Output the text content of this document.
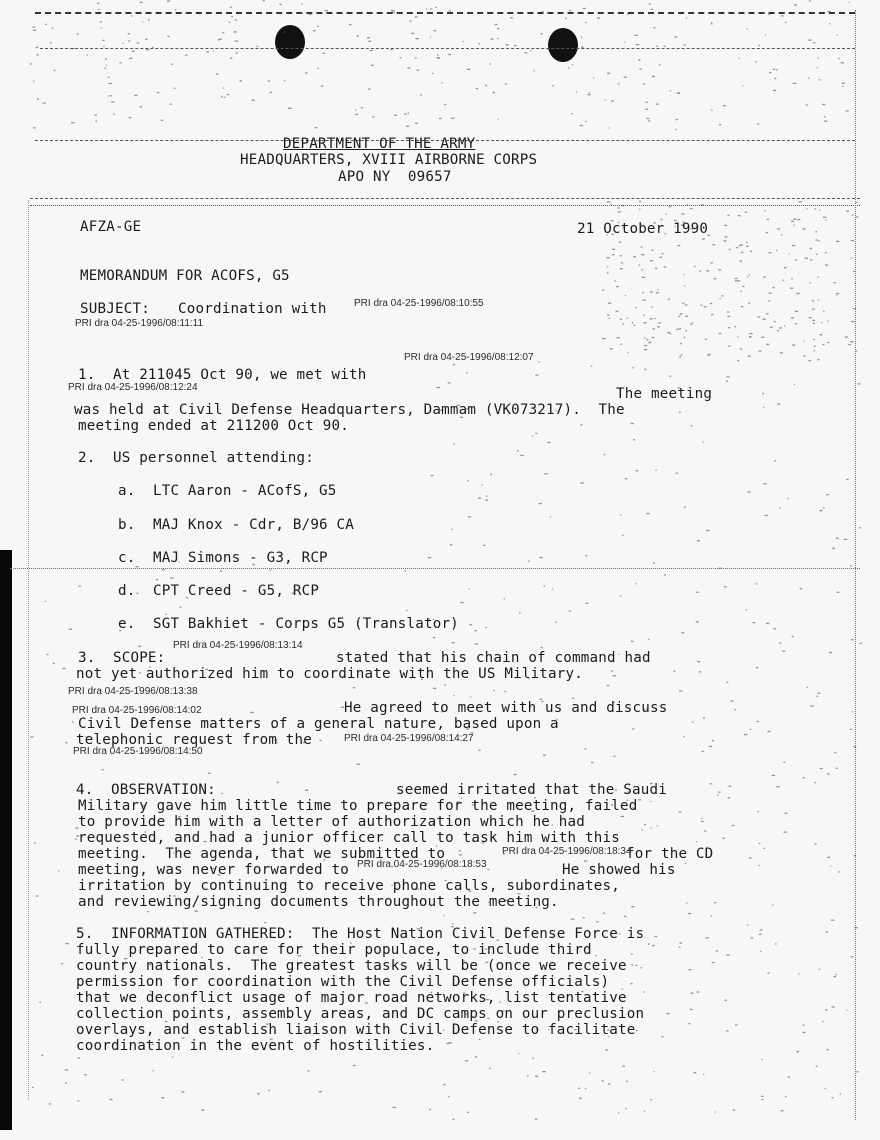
DEPARTMENT OF THE ARMY
HEADQUARTERS, XVIII AIRBORNE CORPS
APO NY  09657
AFZA-GE	21 October 1990
MEMORANDUM FOR ACOFS, G5
SUBJECT: Coordination with	PRI dra 04-25-1996/08:10:55
PRI dra 04-25-1996/08:11:11
PRI dra 04-25-1996/08:12:07
1.  At 211045 Oct 90, we met with
PRI dra 04-25-1996/08:12:24	The meeting
was held at Civil Defense Headquarters, Dammam (VK073217).  The
meeting ended at 211200 Oct 90.
2.  US personnel attending:
a.  LTC Aaron - ACofS, G5
b.  MAJ Knox - Cdr, B/96 CA
c.  MAJ Simons - G3, RCP
d.  CPT Creed - G5, RCP
e.  SGT Bakhiet - Corps G5 (Translator)
PRI dra 04-25-1996/08:13:14
3.  SCOPE:	stated that his chain of command had
not yet authorized him to coordinate with the US Military.
PRI dra 04-25-1996/08:13:38
He agreed to meet with us and discuss
PRI dra 04-25-1996/08:14:02
Civil Defense matters of a general nature, based upon a
telephonic request from the	PRI dra 04-25-1996/08:14:27
PRI dra 04-25-1996/08:14:50
4.  OBSERVATION:	seemed irritated that the Saudi
Military gave him little time to prepare for the meeting, failed
to provide him with a letter of authorization which he had
requested, and had a junior officer call to task him with this
meeting.  The agenda, that we submitted to	PRI dra 04-25-1996/08:18:34
for the CD
meeting, was never forwarded to PRI dra 04-25-1996/08:18:53	He showed his
irritation by continuing to receive phone calls, subordinates,
and reviewing/signing documents throughout the meeting.
5.  INFORMATION GATHERED:  The Host Nation Civil Defense Force is
fully prepared to care for their populace, to include third
country nationals.  The greatest tasks will be (once we receive
permission for coordination with the Civil Defense officials)
that we deconflict usage of major road networks, list tentative
collection points, assembly areas, and DC camps on our preclusion
overlays, and establish liaison with Civil Defense to facilitate
coordination in the event of hostilities.
